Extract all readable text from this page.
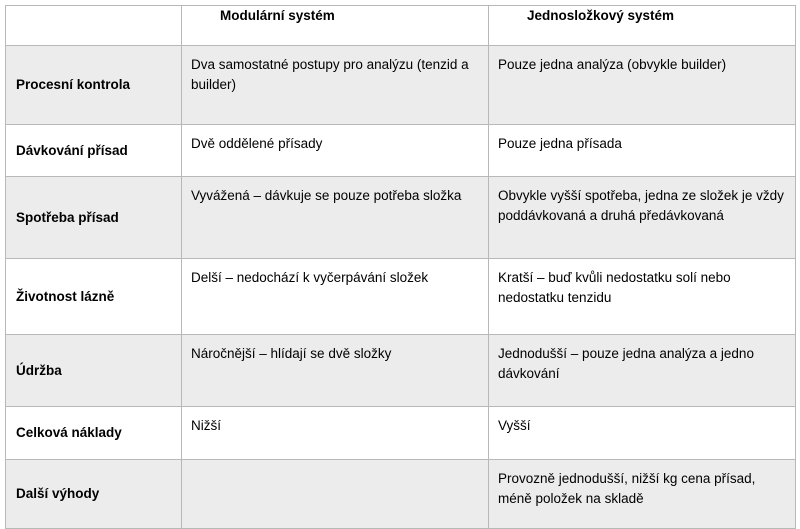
	Modulární systém	Jednosložkový systém
Procesní kontrola	Dva samostatné postupy pro analýzu (tenzid a builder)	Pouze jedna analýza (obvykle builder)
Dávkování přísad	Dvě oddělené přísady	Pouze jedna přísada
Spotřeba přísad	Vyvážená – dávkuje se pouze potřeba složka	Obvykle vyšší spotřeba, jedna ze složek je vždy poddávkovaná a druhá předávkovaná
Životnost lázně	Delší – nedochází k vyčerpávání složek	Kratší – buď kvůli nedostatku solí nebo nedostatku tenzidu
Údržba	Náročnější – hlídají se dvě složky	Jednodušší – pouze jedna analýza a jedno dávkování
Celková náklady	Nižší	Vyšší
Další výhody		Provozně jednodušší, nižší kg cena přísad, méně položek na skladě
